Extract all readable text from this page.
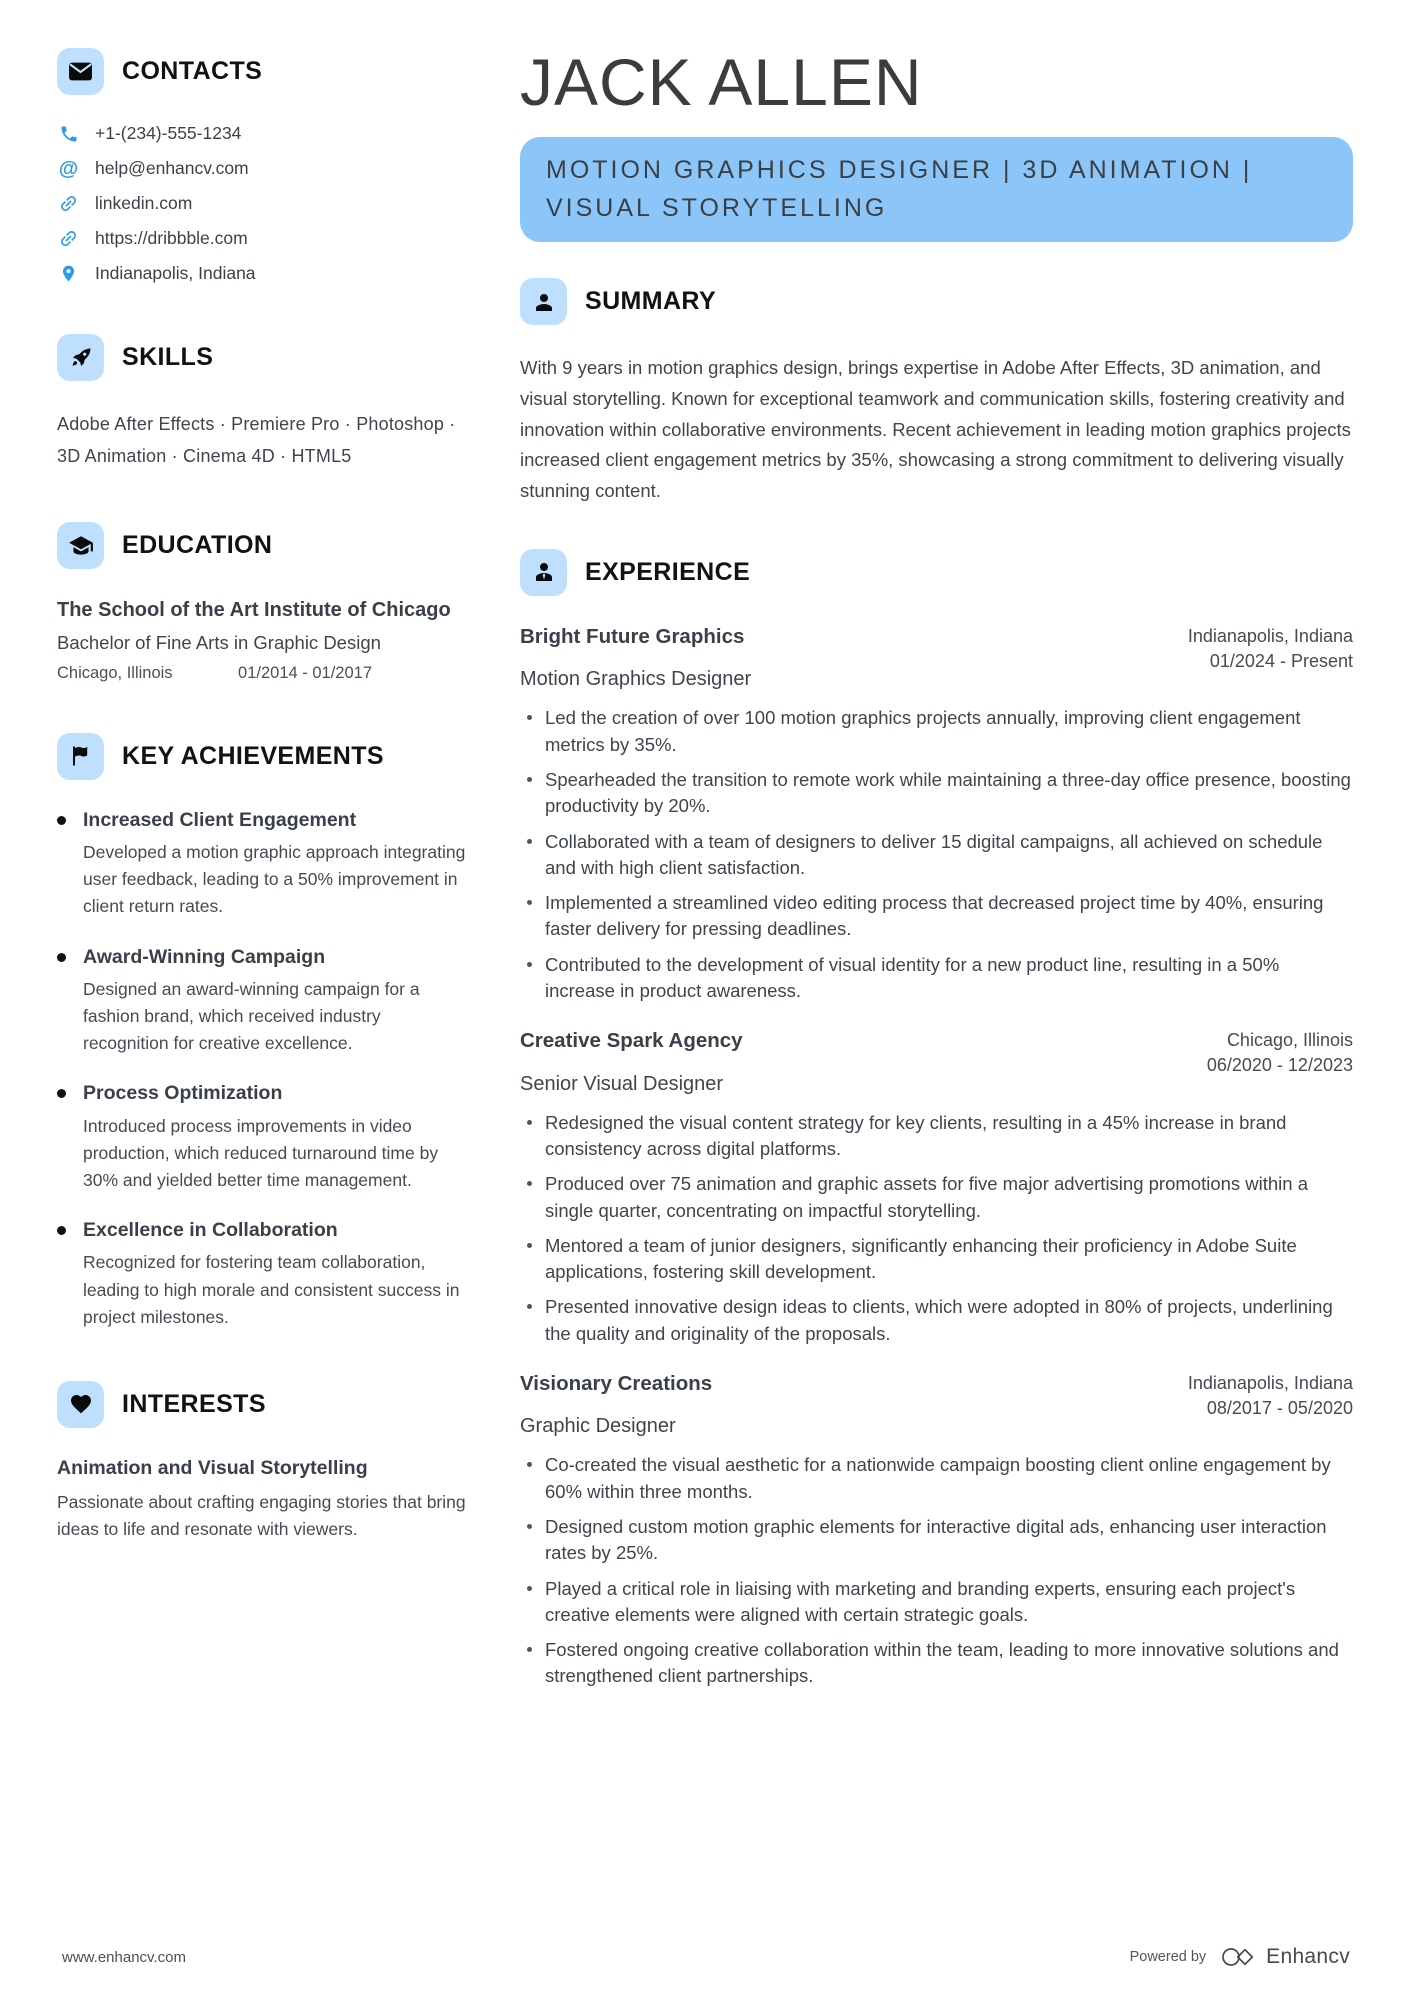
CONTACTS
+1-(234)-555-1234
@ help@enhancv.com
linkedin.com
https://dribbble.com
Indianapolis, Indiana
SKILLS

Adobe After Effects · Premiere Pro · Photoshop · 3D Animation · Cinema 4D · HTML5

EDUCATION
The School of the Art Institute of Chicago
Bachelor of Fine Arts in Graphic Design
Chicago, Illinois	01/2014 - 01/2017
KEY ACHIEVEMENTS
Increased Client Engagement
Developed a motion graphic approach integrating user feedback, leading to a 50% improvement in client return rates.
Award-Winning Campaign
Designed an award-winning campaign for a fashion brand, which received industry recognition for creative excellence.
Process Optimization
Introduced process improvements in video production, which reduced turnaround time by 30% and yielded better time management.
Excellence in Collaboration
Recognized for fostering team collaboration, leading to high morale and consistent success in project milestones.
INTERESTS
Animation and Visual Storytelling

Passionate about crafting engaging stories that bring ideas to life and resonate with viewers.

JACK ALLEN
MOTION GRAPHICS DESIGNER | 3D ANIMATION | VISUAL STORYTELLING
SUMMARY

With 9 years in motion graphics design, brings expertise in Adobe After Effects, 3D animation, and visual storytelling. Known for exceptional teamwork and communication skills, fostering creativity and innovation within collaborative environments. Recent achievement in leading motion graphics projects increased client engagement metrics by 35%, showcasing a strong commitment to delivering visually stunning content.

EXPERIENCE
Bright Future Graphics
Motion Graphics Designer
Indianapolis, Indiana
01/2024 - Present
Led the creation of over 100 motion graphics projects annually, improving client engagement metrics by 35%.
Spearheaded the transition to remote work while maintaining a three-day office presence, boosting productivity by 20%.
Collaborated with a team of designers to deliver 15 digital campaigns, all achieved on schedule and with high client satisfaction.
Implemented a streamlined video editing process that decreased project time by 40%, ensuring faster delivery for pressing deadlines.
Contributed to the development of visual identity for a new product line, resulting in a 50% increase in product awareness.
Creative Spark Agency
Senior Visual Designer
Chicago, Illinois
06/2020 - 12/2023
Redesigned the visual content strategy for key clients, resulting in a 45% increase in brand consistency across digital platforms.
Produced over 75 animation and graphic assets for five major advertising promotions within a single quarter, concentrating on impactful storytelling.
Mentored a team of junior designers, significantly enhancing their proficiency in Adobe Suite applications, fostering skill development.
Presented innovative design ideas to clients, which were adopted in 80% of projects, underlining the quality and originality of the proposals.
Visionary Creations
Graphic Designer
Indianapolis, Indiana
08/2017 - 05/2020
Co-created the visual aesthetic for a nationwide campaign boosting client online engagement by 60% within three months.
Designed custom motion graphic elements for interactive digital ads, enhancing user interaction rates by 25%.
Played a critical role in liaising with marketing and branding experts, ensuring each project's creative elements were aligned with certain strategic goals.
Fostered ongoing creative collaboration within the team, leading to more innovative solutions and strengthened client partnerships.
www.enhancv.com	Powered by	Enhancv
